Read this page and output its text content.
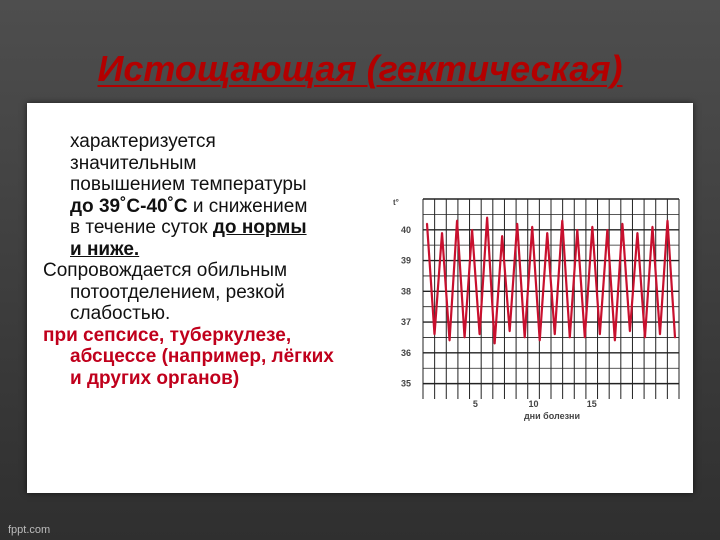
Истощающая (гектическая)

характеризуется
значительным
повышением температуры
до 39˚С-40˚С и снижением
в течение суток до нормы
и ниже.

Сопровождается обильным
потоотделением, резкой
слабостью.

при сепсисе, туберкулезе,
абсцессе (например, лёгких
и других органов)

40
39
38
37
36
35
5	10	15
t°
дни болезни
fppt.com
